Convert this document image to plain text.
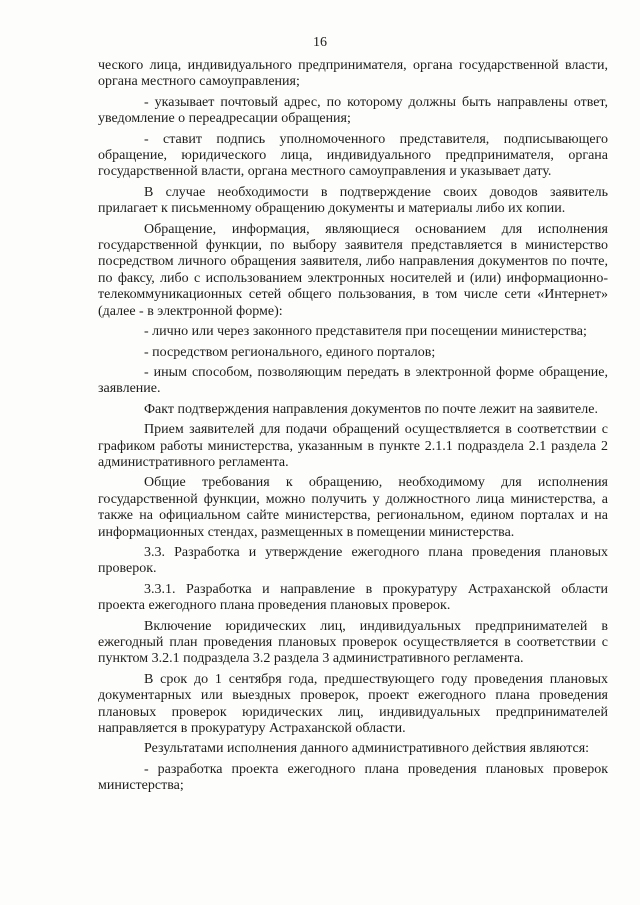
16

ческого лица, индивидуального предпринимателя, органа государственной власти, органа местного самоуправления;

- указывает почтовый адрес, по которому должны быть направлены ответ, уведомление о переадресации обращения;

- ставит подпись уполномоченного представителя, подписывающего обращение, юридического лица, индивидуального предпринимателя, органа государственной власти, органа местного самоуправления и указывает дату.

В случае необходимости в подтверждение своих доводов заявитель прилагает к письменному обращению документы и материалы либо их копии.

Обращение, информация, являющиеся основанием для исполнения государственной функции, по выбору заявителя представляется в министерство посредством личного обращения заявителя, либо направления документов по почте, по факсу, либо с использованием электронных носителей и (или) информационно-телекоммуникационных сетей общего пользования, в том числе сети «Интернет» (далее - в электронной форме):

- лично или через законного представителя при посещении министерства;

- посредством регионального, единого порталов;

- иным способом, позволяющим передать в электронной форме обращение, заявление.

Факт подтверждения направления документов по почте лежит на заявителе.

Прием заявителей для подачи обращений осуществляется в соответствии с графиком работы министерства, указанным в пункте 2.1.1 подраздела 2.1 раздела 2 административного регламента.

Общие требования к обращению, необходимому для исполнения государственной функции, можно получить у должностного лица министерства, а также на официальном сайте министерства, региональном, едином порталах и на информационных стендах, размещенных в помещении министерства.

3.3. Разработка и утверждение ежегодного плана проведения плановых проверок.

3.3.1. Разработка и направление в прокуратуру Астраханской области проекта ежегодного плана проведения плановых проверок.

Включение юридических лиц, индивидуальных предпринимателей в ежегодный план проведения плановых проверок осуществляется в соответствии с пунктом 3.2.1 подраздела 3.2 раздела 3 административного регламента.

В срок до 1 сентября года, предшествующего году проведения плановых документарных или выездных проверок, проект ежегодного плана проведения плановых проверок юридических лиц, индивидуальных предпринимателей направляется в прокуратуру Астраханской области.

Результатами исполнения данного административного действия являются:

- разработка проекта ежегодного плана проведения плановых проверок министерства;
